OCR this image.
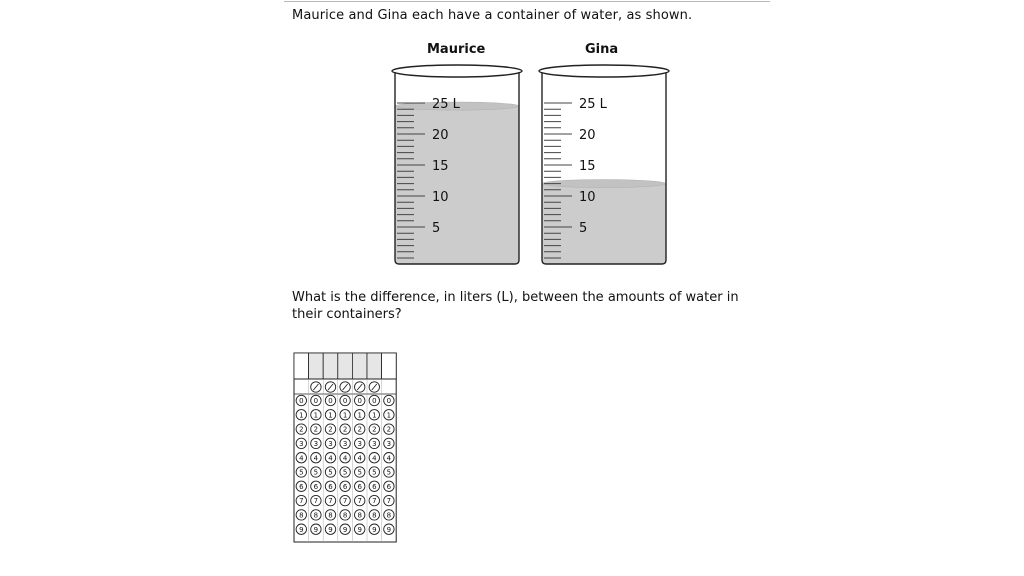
Maurice and Gina each have a container of water, as shown.
Maurice	Gina
25 L
20
15
10
5
25 L
20
15
10
5
What is the difference, in liters (L), between the amounts of water in their containers?
0 0 0 0 0 0 0
1 1 1 1 1 1 1
2 2 2 2 2 2 2
3 3 3 3 3 3 3
4 4 4 4 4 4 4
5 5 5 5 5 5 5
6 6 6 6 6 6 6
7 7 7 7 7 7 7
8 8 8 8 8 8 8
9 9 9 9 9 9 9
